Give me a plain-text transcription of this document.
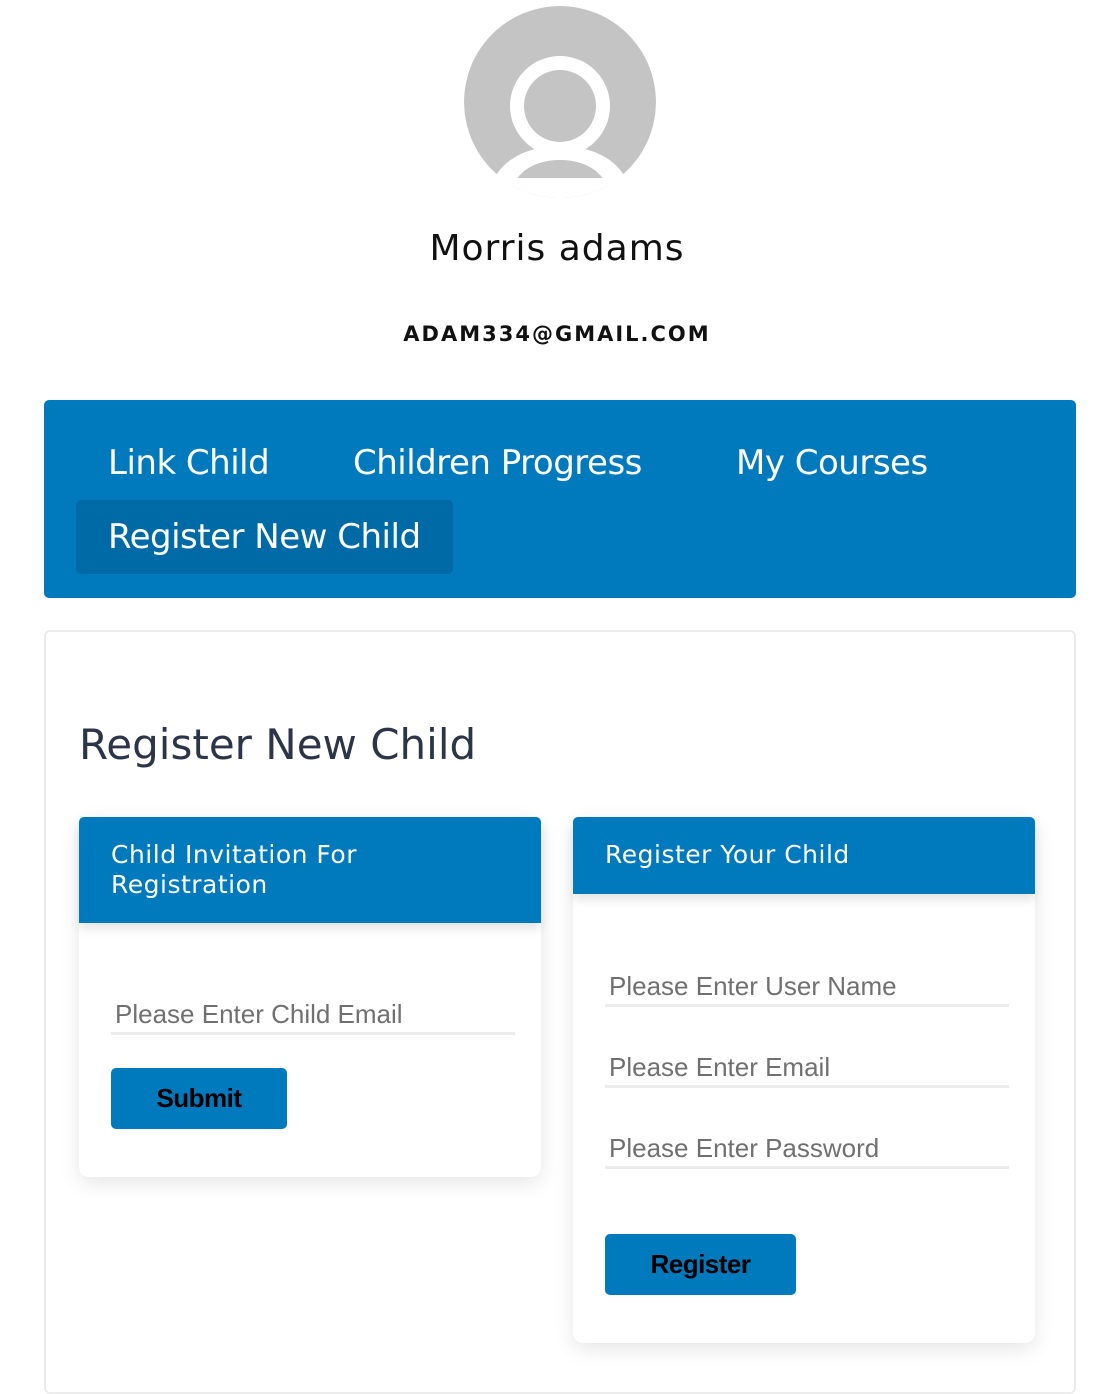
Morris adams
ADAM334@GMAIL.COM
Link Child	Children Progress	My Courses
Register New Child
Register New Child
Child Invitation For Registration
Please Enter Child Email
Submit
Register Your Child
Please Enter User Name
Please Enter Email
Register
